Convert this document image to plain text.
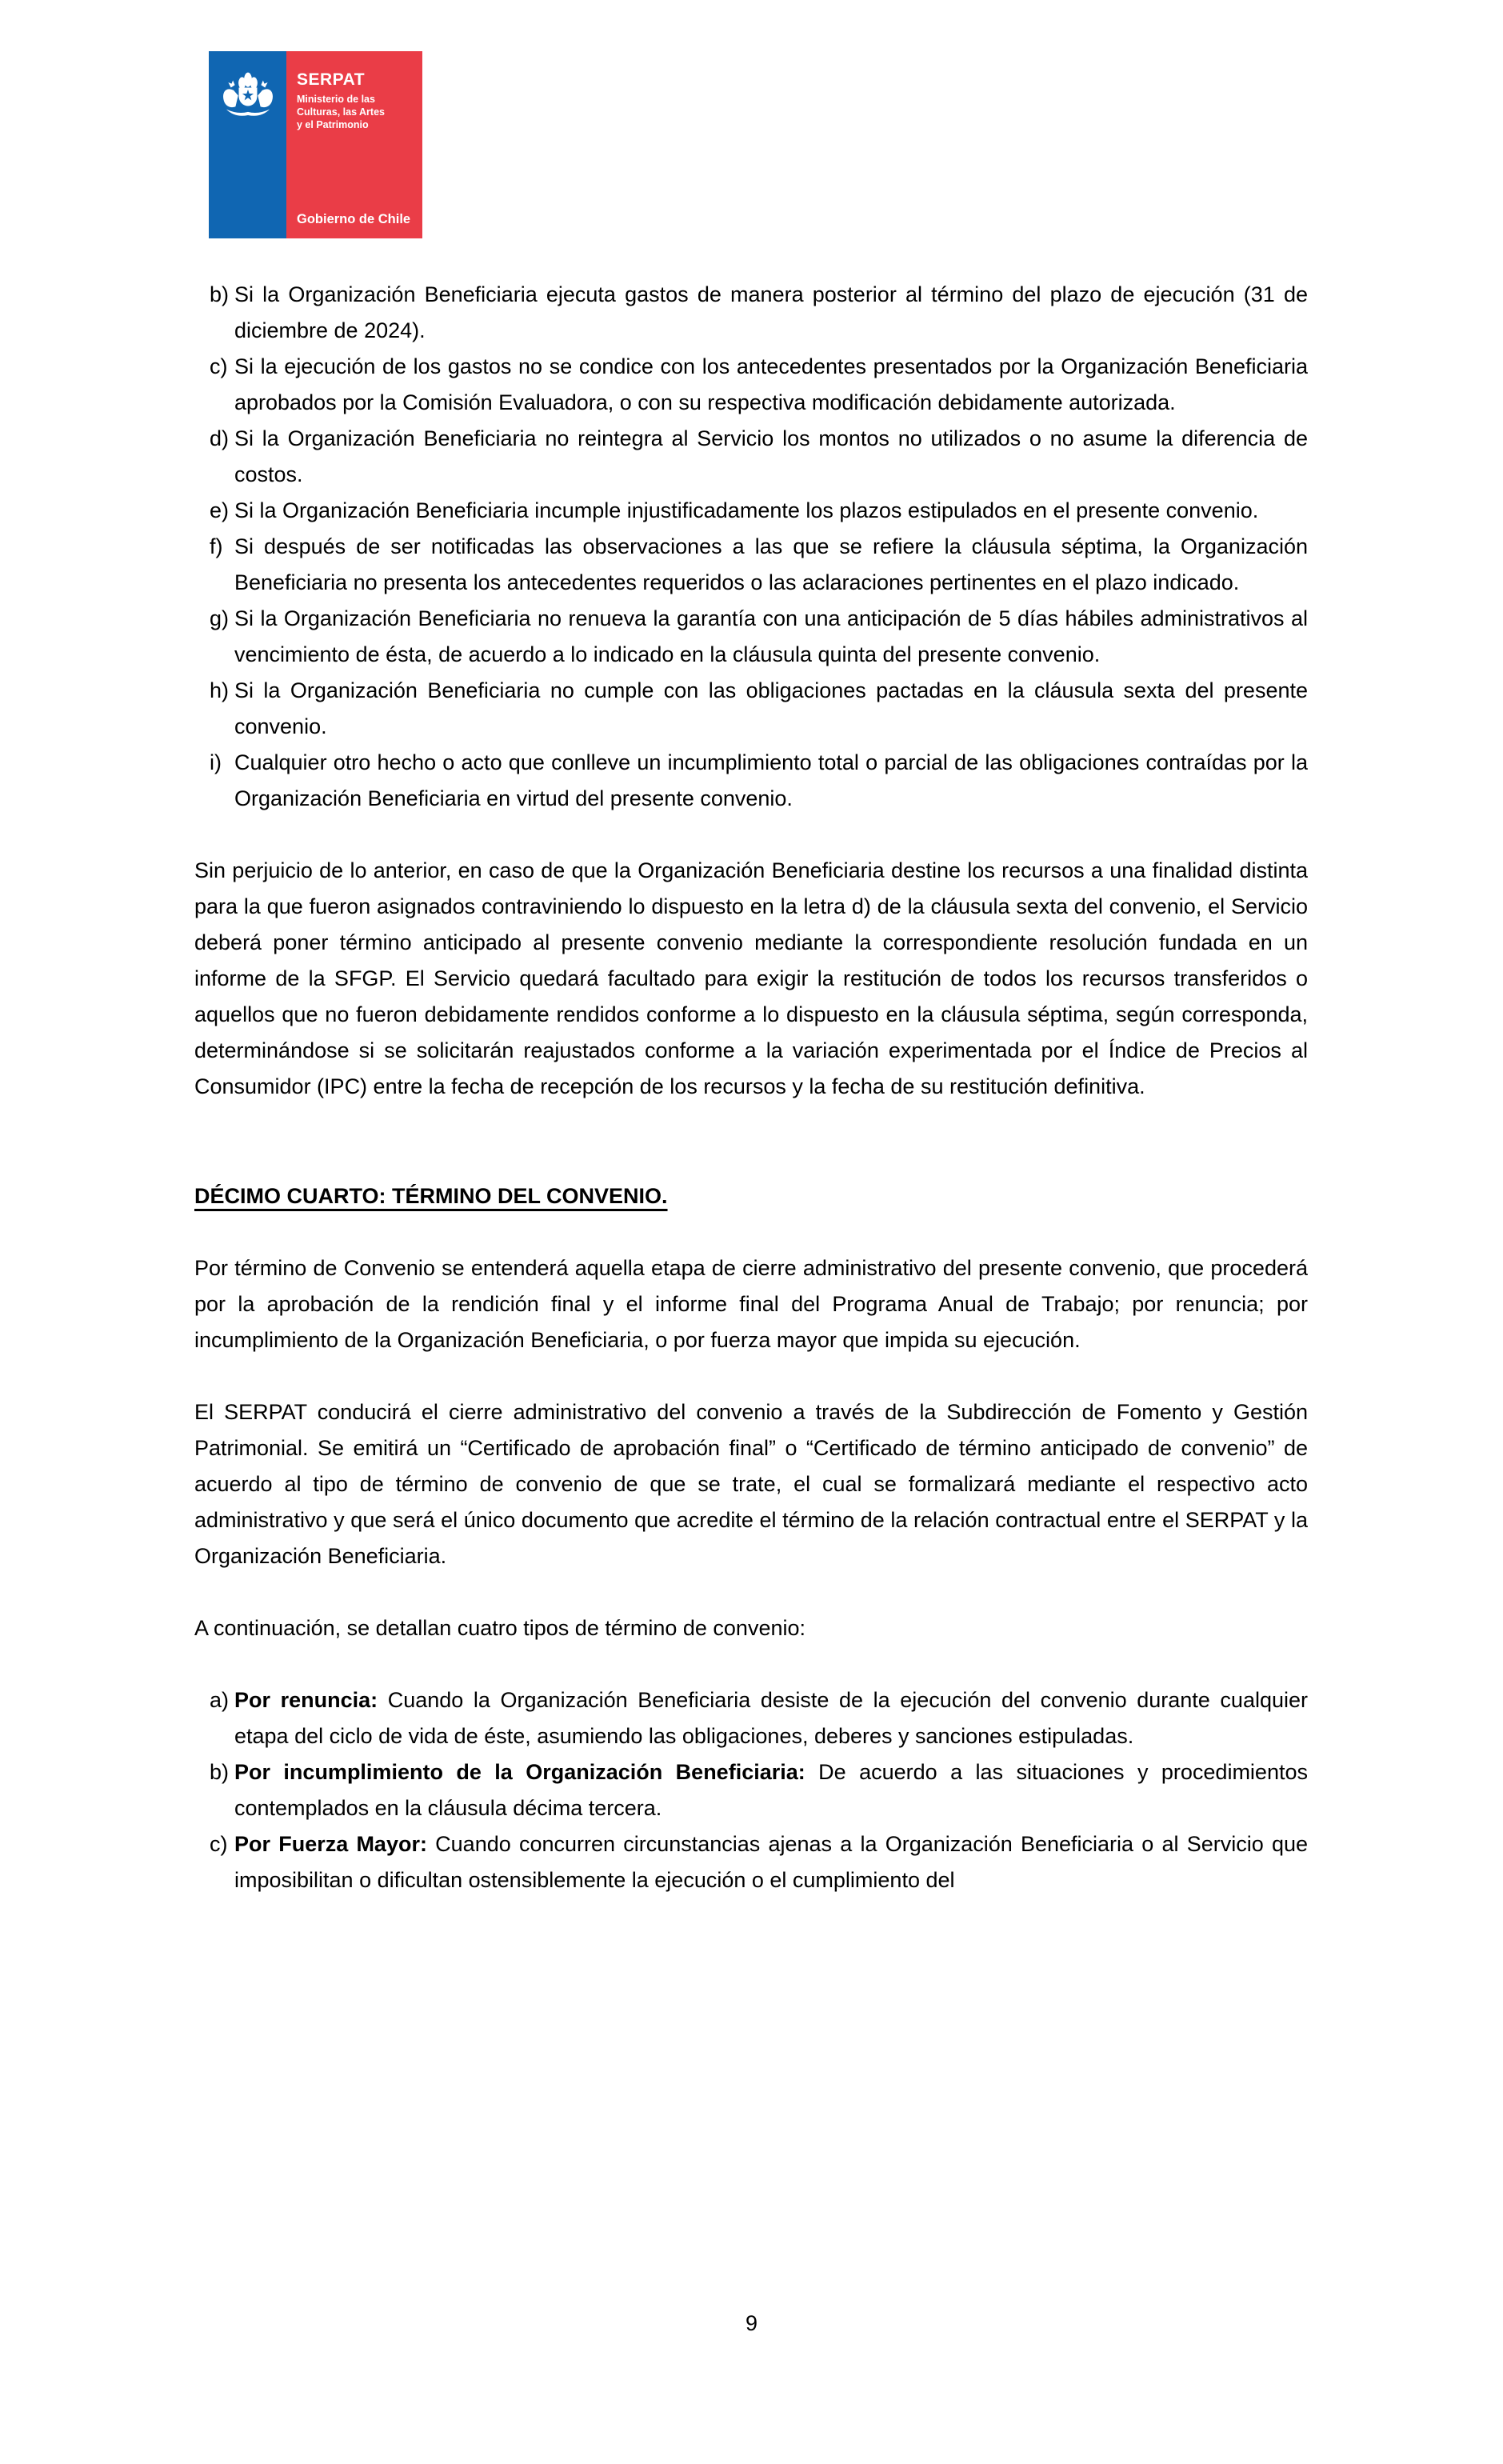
SERPAT
Ministerio de las
Culturas, las Artes
y el Patrimonio
Gobierno de Chile
b) Si la Organización Beneficiaria ejecuta gastos de manera posterior al término del plazo de ejecución (31 de diciembre de 2024).
c) Si la ejecución de los gastos no se condice con los antecedentes presentados por la Organización Beneficiaria aprobados por la Comisión Evaluadora, o con su respectiva modificación debidamente autorizada.
d) Si la Organización Beneficiaria no reintegra al Servicio los montos no utilizados o no asume la diferencia de costos.
e) Si la Organización Beneficiaria incumple injustificadamente los plazos estipulados en el presente convenio.
f) Si después de ser notificadas las observaciones a las que se refiere la cláusula séptima, la Organización Beneficiaria no presenta los antecedentes requeridos o las aclaraciones pertinentes en el plazo indicado.
g) Si la Organización Beneficiaria no renueva la garantía con una anticipación de 5 días hábiles administrativos al vencimiento de ésta, de acuerdo a lo indicado en la cláusula quinta del presente convenio.
h) Si la Organización Beneficiaria no cumple con las obligaciones pactadas en la cláusula sexta del presente convenio.
i) Cualquier otro hecho o acto que conlleve un incumplimiento total o parcial de las obligaciones contraídas por la Organización Beneficiaria en virtud del presente convenio.

Sin perjuicio de lo anterior, en caso de que la Organización Beneficiaria destine los recursos a una finalidad distinta para la que fueron asignados contraviniendo lo dispuesto en la letra d) de la cláusula sexta del convenio, el Servicio deberá poner término anticipado al presente convenio mediante la correspondiente resolución fundada en un informe de la SFGP. El Servicio quedará facultado para exigir la restitución de todos los recursos transferidos o aquellos que no fueron debidamente rendidos conforme a lo dispuesto en la cláusula séptima, según corresponda, determinándose si se solicitarán reajustados conforme a la variación experimentada por el Índice de Precios al Consumidor (IPC) entre la fecha de recepción de los recursos y la fecha de su restitución definitiva.

DÉCIMO CUARTO: TÉRMINO DEL CONVENIO.

Por término de Convenio se entenderá aquella etapa de cierre administrativo del presente convenio, que procederá por la aprobación de la rendición final y el informe final del Programa Anual de Trabajo; por renuncia; por incumplimiento de la Organización Beneficiaria, o por fuerza mayor que impida su ejecución.

El SERPAT conducirá el cierre administrativo del convenio a través de la Subdirección de Fomento y Gestión Patrimonial. Se emitirá un “Certificado de aprobación final” o “Certificado de término anticipado de convenio” de acuerdo al tipo de término de convenio de que se trate, el cual se formalizará mediante el respectivo acto administrativo y que será el único documento que acredite el término de la relación contractual entre el SERPAT y la Organización Beneficiaria.

A continuación, se detallan cuatro tipos de término de convenio:

a) Por renuncia: Cuando la Organización Beneficiaria desiste de la ejecución del convenio durante cualquier etapa del ciclo de vida de éste, asumiendo las obligaciones, deberes y sanciones estipuladas.
b) Por incumplimiento de la Organización Beneficiaria: De acuerdo a las situaciones y procedimientos contemplados en la cláusula décima tercera.
c) Por Fuerza Mayor: Cuando concurren circunstancias ajenas a la Organización Beneficiaria o al Servicio que imposibilitan o dificultan ostensiblemente la ejecución o el cumplimiento del
9
